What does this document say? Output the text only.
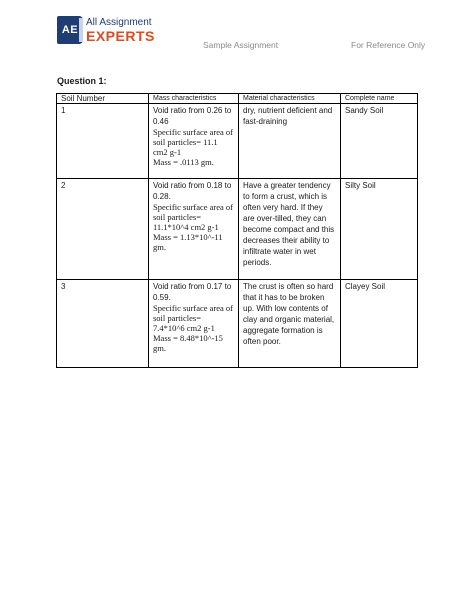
AE
All Assignment
EXPERTS
Sample Assignment	For Reference Only
Question 1:
Soil Number	Mass characteristics	Material characteristics	Complete name
1	Void ratio from 0.26 to 0.46
Specific surface area of soil particles= 11.1 cm2 g-1
Mass = .0113 gm.	dry, nutrient deficient and fast-draining	Sandy Soil
2	Void ratio from 0.18 to 0.28.
Specific surface area of soil particles= 11.1*10^4 cm2 g-1
Mass = 1.13*10^-11 gm.	Have a greater tendency to form a crust, which is often very hard. If they are over-tilled, they can become compact and this decreases their ability to infiltrate water in wet periods.	Silty Soil
3	Void ratio from 0.17 to 0.59.
Specific surface area of soil particles= 7.4*10^6 cm2 g-1
Mass = 8.48*10^-15 gm.	The crust is often so hard that it has to be broken up. With low contents of clay and organic material, aggregate formation is often poor.	Clayey Soil
